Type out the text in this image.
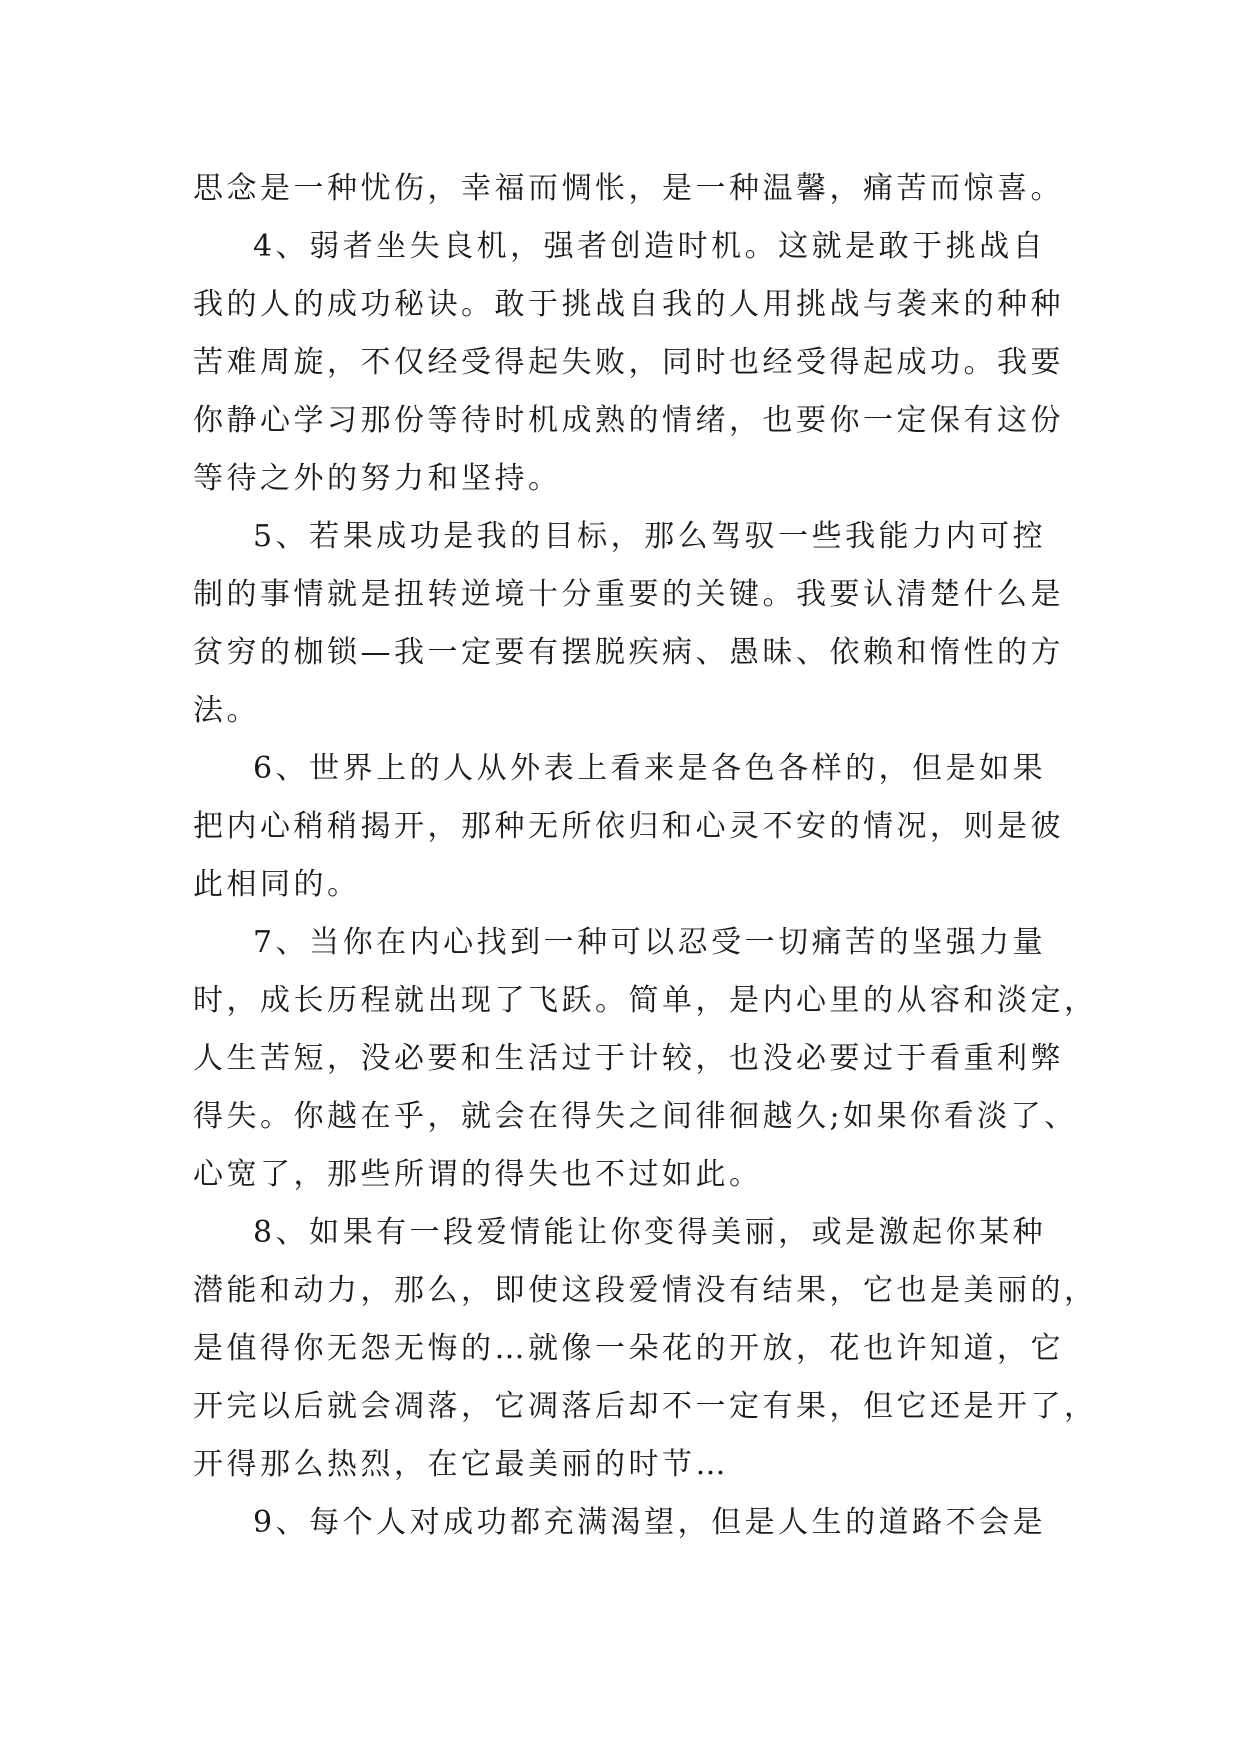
思念是一种忧伤，幸福而惆怅，是一种温馨，痛苦而惊喜。
4、弱者坐失良机，强者创造时机。这就是敢于挑战自
我的人的成功秘诀。敢于挑战自我的人用挑战与袭来的种种
苦难周旋，不仅经受得起失败，同时也经受得起成功。我要
你静心学习那份等待时机成熟的情绪，也要你一定保有这份
等待之外的努力和坚持。
5、若果成功是我的目标，那么驾驭一些我能力内可控
制的事情就是扭转逆境十分重要的关键。我要认清楚什么是
贫穷的枷锁—我一定要有摆脱疾病、愚昧、依赖和惰性的方
法。
6、世界上的人从外表上看来是各色各样的，但是如果
把内心稍稍揭开，那种无所依归和心灵不安的情况，则是彼
此相同的。
7、当你在内心找到一种可以忍受一切痛苦的坚强力量
时，成长历程就出现了飞跃。简单，是内心里的从容和淡定，
人生苦短，没必要和生活过于计较，也没必要过于看重利弊
得失。你越在乎，就会在得失之间徘徊越久;如果你看淡了、
心宽了，那些所谓的得失也不过如此。
8、如果有一段爱情能让你变得美丽，或是激起你某种
潜能和动力，那么，即使这段爱情没有结果，它也是美丽的，
是值得你无怨无悔的…就像一朵花的开放，花也许知道，它
开完以后就会凋落，它凋落后却不一定有果，但它还是开了，
开得那么热烈，在它最美丽的时节…
9、每个人对成功都充满渴望，但是人生的道路不会是
